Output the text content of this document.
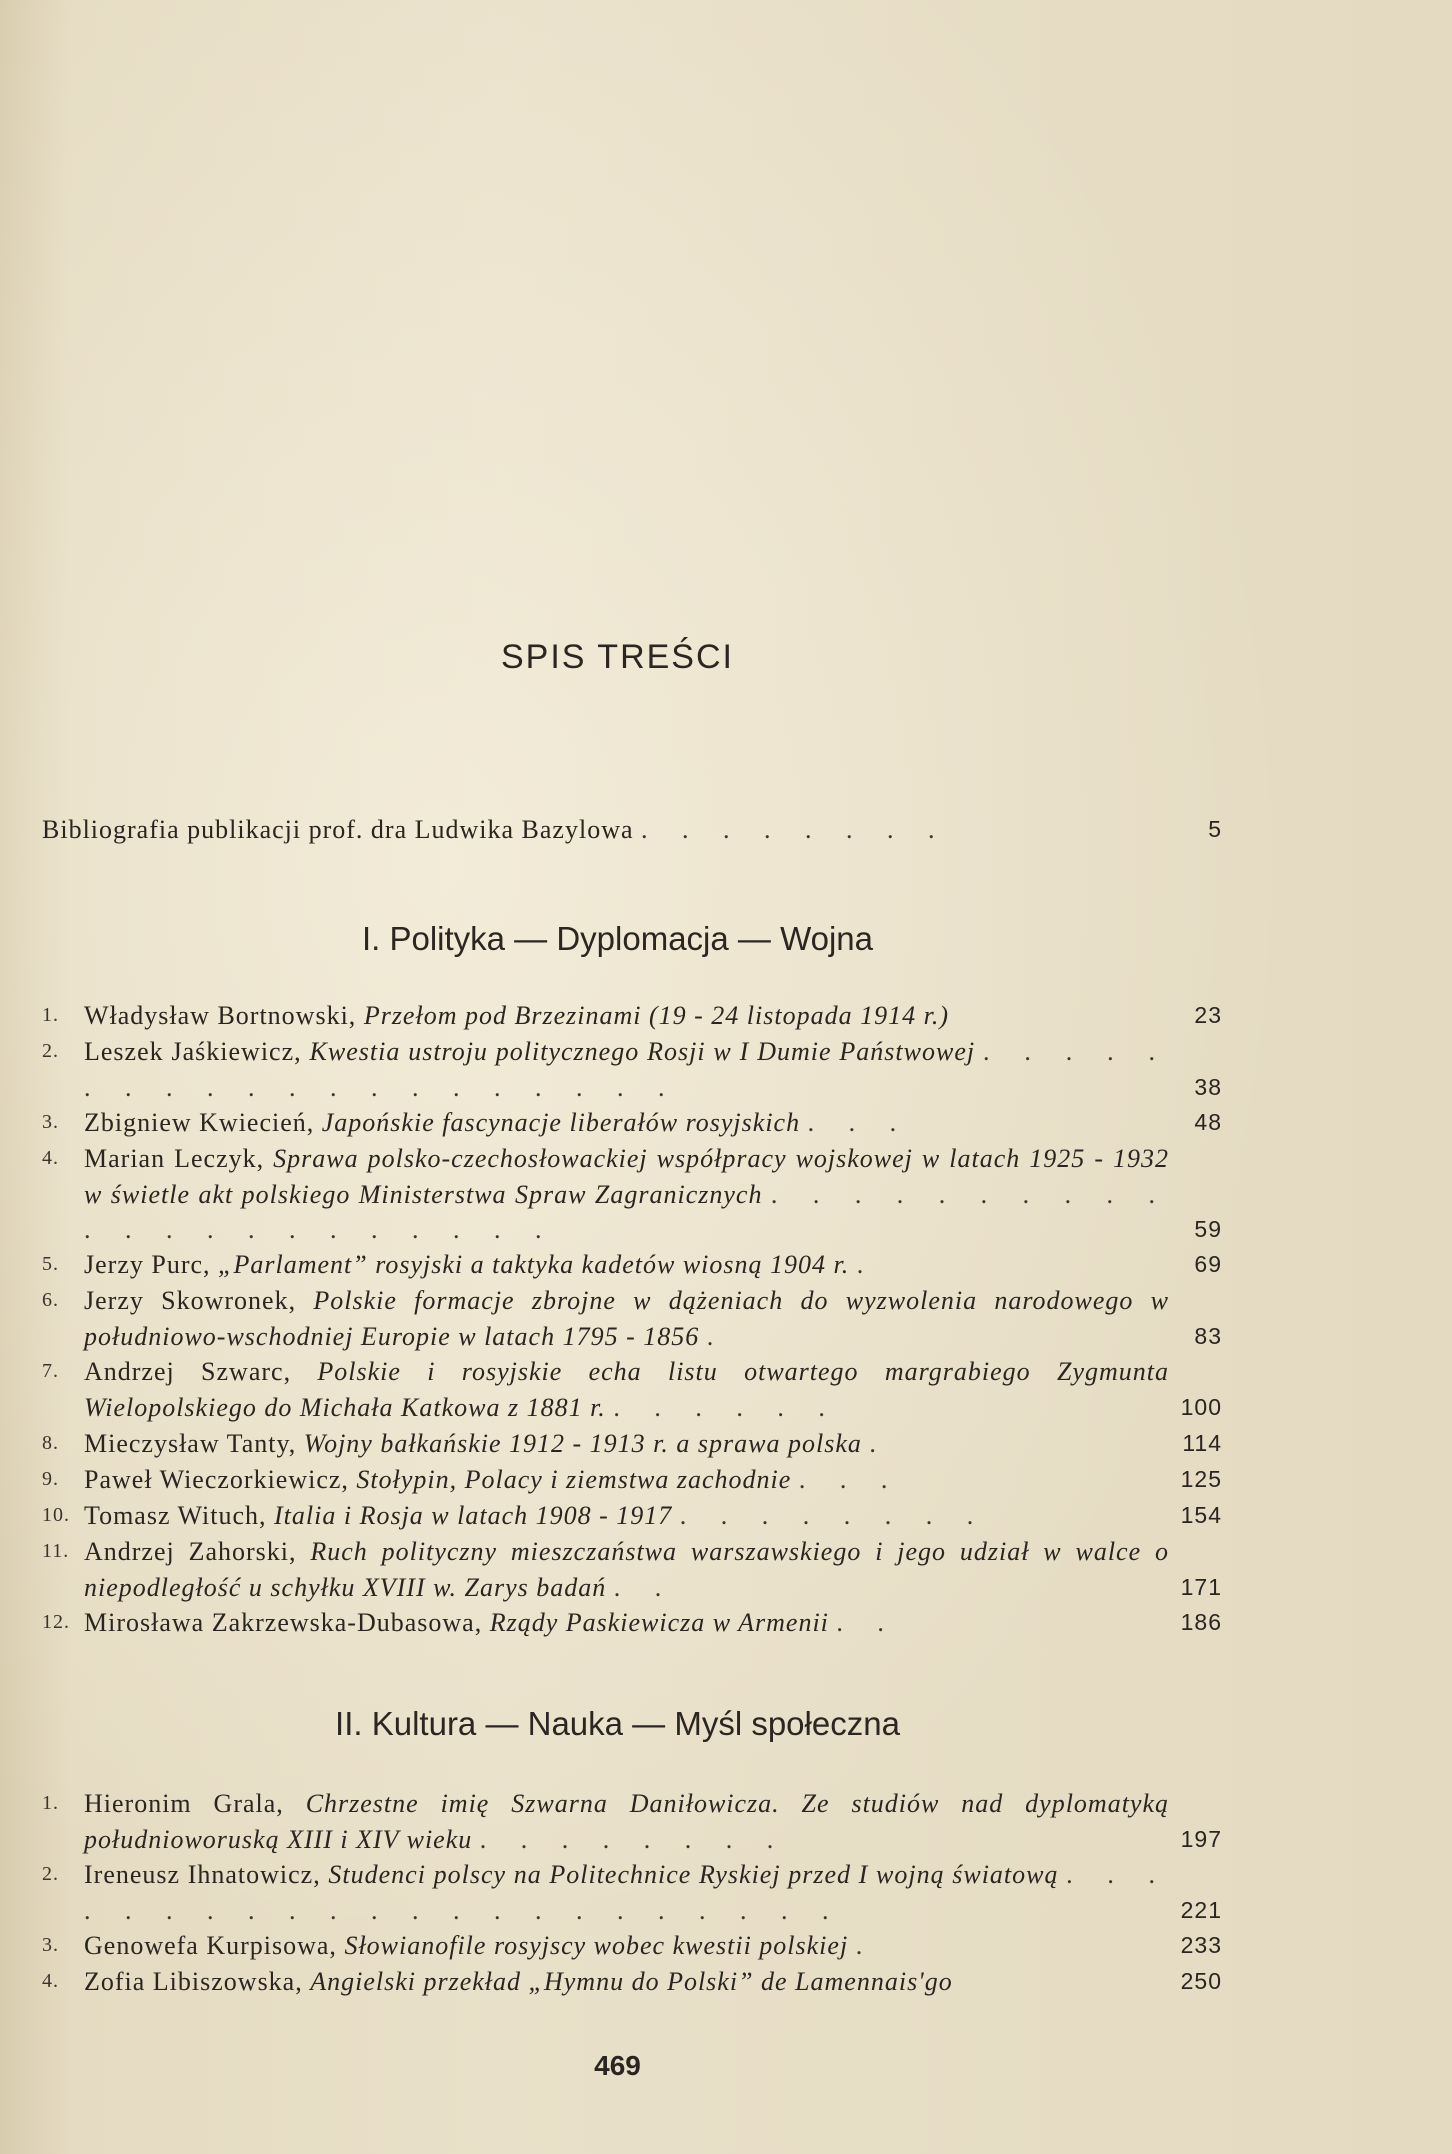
SPIS TREŚCI
Bibliografia publikacji prof. dra Ludwika Bazylowa . . . . . . . .	5
I. Polityka — Dyplomacja — Wojna
1. Władysław Bortnowski, Przełom pod Brzezinami (19 - 24 listopada 1914 r.)	23
2. Leszek Jaśkiewicz, Kwestia ustroju politycznego Rosji w I Dumie Państwowej . . . . . . . . . . . . . . . . . . . .	38
3. Zbigniew Kwiecień, Japońskie fascynacje liberałów rosyjskich . . .	48
4. Marian Leczyk, Sprawa polsko-czechosłowackiej współpracy wojskowej w latach 1925 - 1932 w świetle akt polskiego Ministerstwa Spraw Zagranicznych . . . . . . . . . . . . . . . . . . . . . .	59
5. Jerzy Purc, „Parlament” rosyjski a taktyka kadetów wiosną 1904 r. .	69
6. Jerzy Skowronek, Polskie formacje zbrojne w dążeniach do wyzwolenia narodowego w południowo-wschodniej Europie w latach 1795 - 1856 .	83
7. Andrzej Szwarc, Polskie i rosyjskie echa listu otwartego margrabiego Zygmunta Wielopolskiego do Michała Katkowa z 1881 r. . . . . . .	100
8. Mieczysław Tanty, Wojny bałkańskie 1912 - 1913 r. a sprawa polska .	114
9. Paweł Wieczorkiewicz, Stołypin, Polacy i ziemstwa zachodnie . . .	125
10. Tomasz Wituch, Italia i Rosja w latach 1908 - 1917 . . . . . . . .	154
11. Andrzej Zahorski, Ruch polityczny mieszczaństwa warszawskiego i jego udział w walce o niepodległość u schyłku XVIII w. Zarys badań . .	171
12. Mirosława Zakrzewska-Dubasowa, Rządy Paskiewicza w Armenii . .	186
II. Kultura — Nauka — Myśl społeczna
1. Hieronim Grala, Chrzestne imię Szwarna Daniłowicza. Ze studiów nad dyplomatyką południoworuską XIII i XIV wieku . . . . . . . .	197
2. Ireneusz Ihnatowicz, Studenci polscy na Politechnice Ryskiej przed I wojną światową . . . . . . . . . . . . . . . . . . . . . .	221
3. Genowefa Kurpisowa, Słowianofile rosyjscy wobec kwestii polskiej .	233
4. Zofia Libiszowska, Angielski przekład „Hymnu do Polski” de Lamennais'go	250
469
